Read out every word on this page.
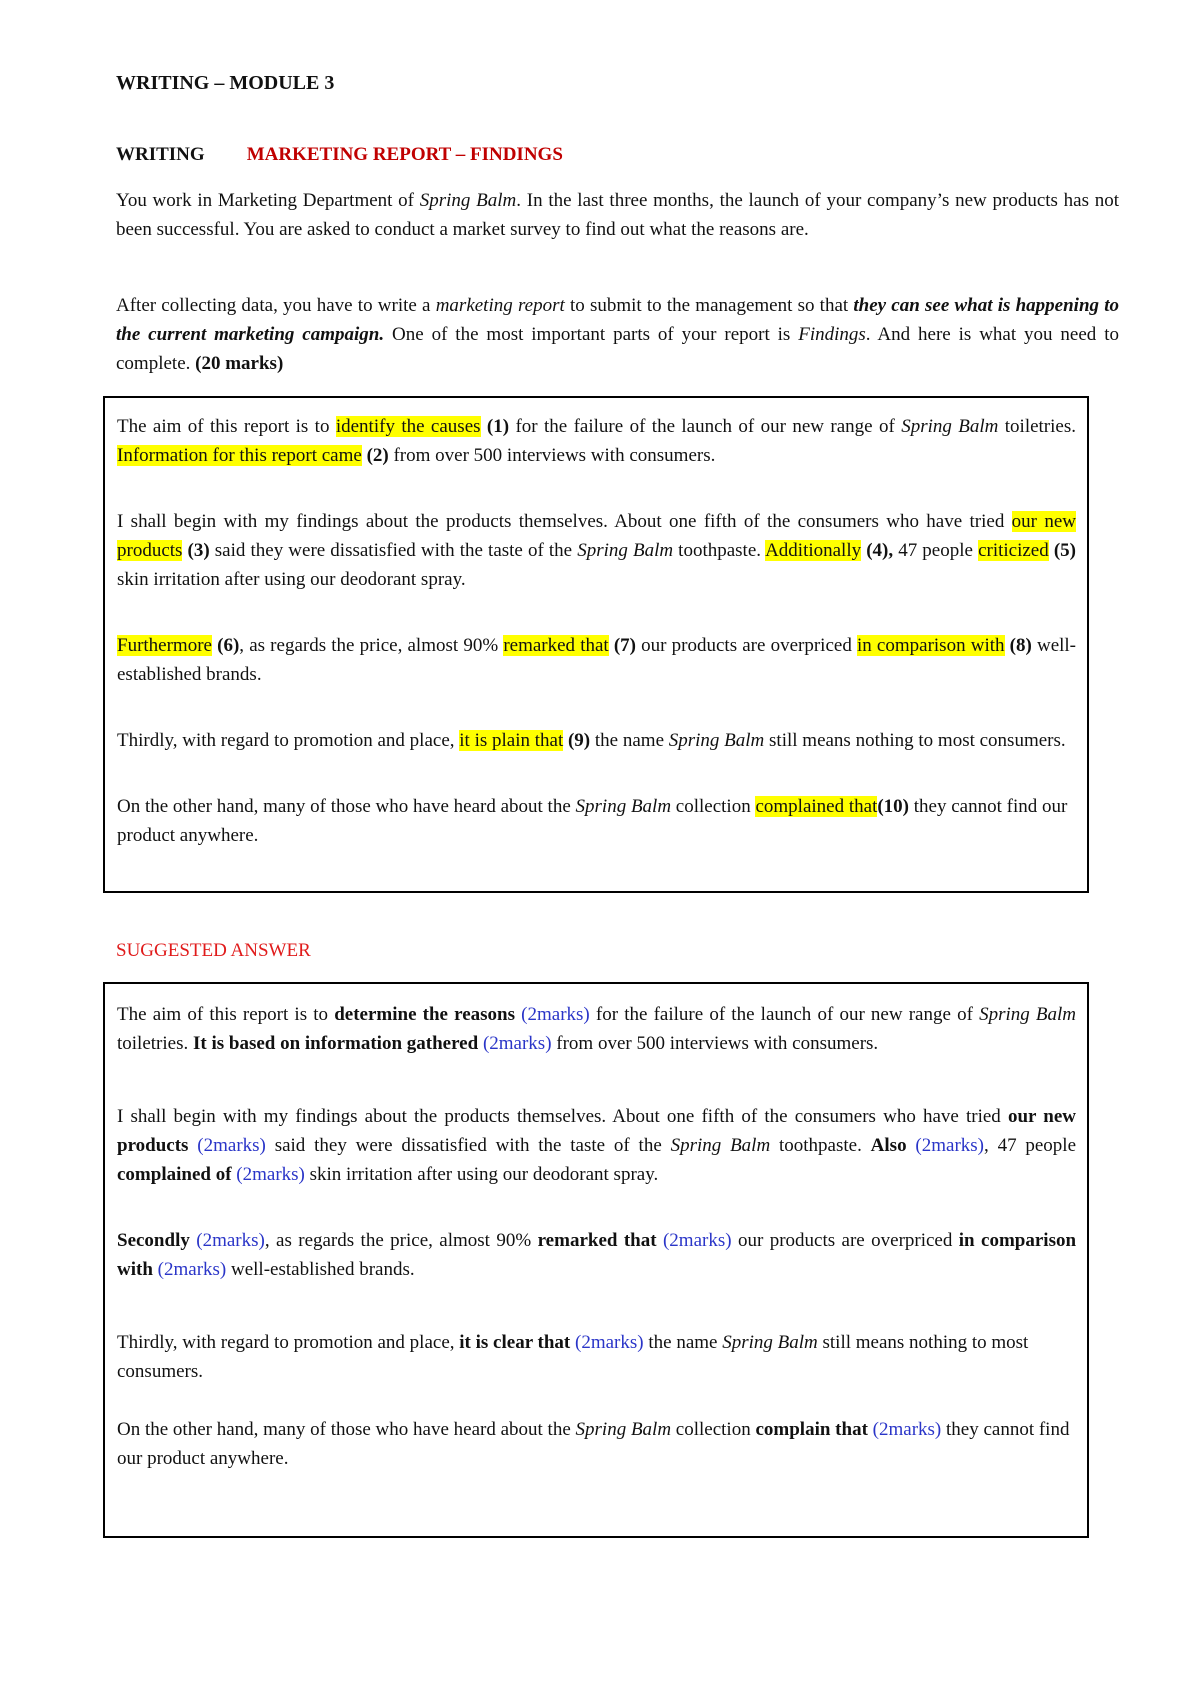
WRITING – MODULE 3
WRITING MARKETING REPORT – FINDINGS

You work in Marketing Department of Spring Balm. In the last three months, the launch of your company’s new products has not been successful. You are asked to conduct a market survey to find out what the reasons are.

After collecting data, you have to write a marketing report to submit to the management so that they can see what is happening to the current marketing campaign. One of the most important parts of your report is Findings. And here is what you need to complete. (20 marks)

The aim of this report is to identify the causes (1) for the failure of the launch of our new range of Spring Balm toiletries. Information for this report came (2) from over 500 interviews with consumers.

I shall begin with my findings about the products themselves. About one fifth of the consumers who have tried our new products (3) said they were dissatisfied with the taste of the Spring Balm toothpaste. Additionally (4), 47 people criticized (5) skin irritation after using our deodorant spray.

Furthermore (6), as regards the price, almost 90% remarked that (7) our products are overpriced in comparison with (8) well-established brands.

Thirdly, with regard to promotion and place, it is plain that (9) the name Spring Balm still means nothing to most consumers.

On the other hand, many of those who have heard about the Spring Balm collection complained that(10) they cannot find our product anywhere.

SUGGESTED ANSWER

The aim of this report is to determine the reasons (2marks) for the failure of the launch of our new range of Spring Balm toiletries. It is based on information gathered (2marks) from over 500 interviews with consumers.

I shall begin with my findings about the products themselves. About one fifth of the consumers who have tried our new products (2marks) said they were dissatisfied with the taste of the Spring Balm toothpaste. Also (2marks), 47 people complained of (2marks) skin irritation after using our deodorant spray.

Secondly (2marks), as regards the price, almost 90% remarked that (2marks) our products are overpriced in comparison with (2marks) well-established brands.

Thirdly, with regard to promotion and place, it is clear that (2marks) the name Spring Balm still means nothing to most consumers.

On the other hand, many of those who have heard about the Spring Balm collection complain that (2marks) they cannot find our product anywhere.
